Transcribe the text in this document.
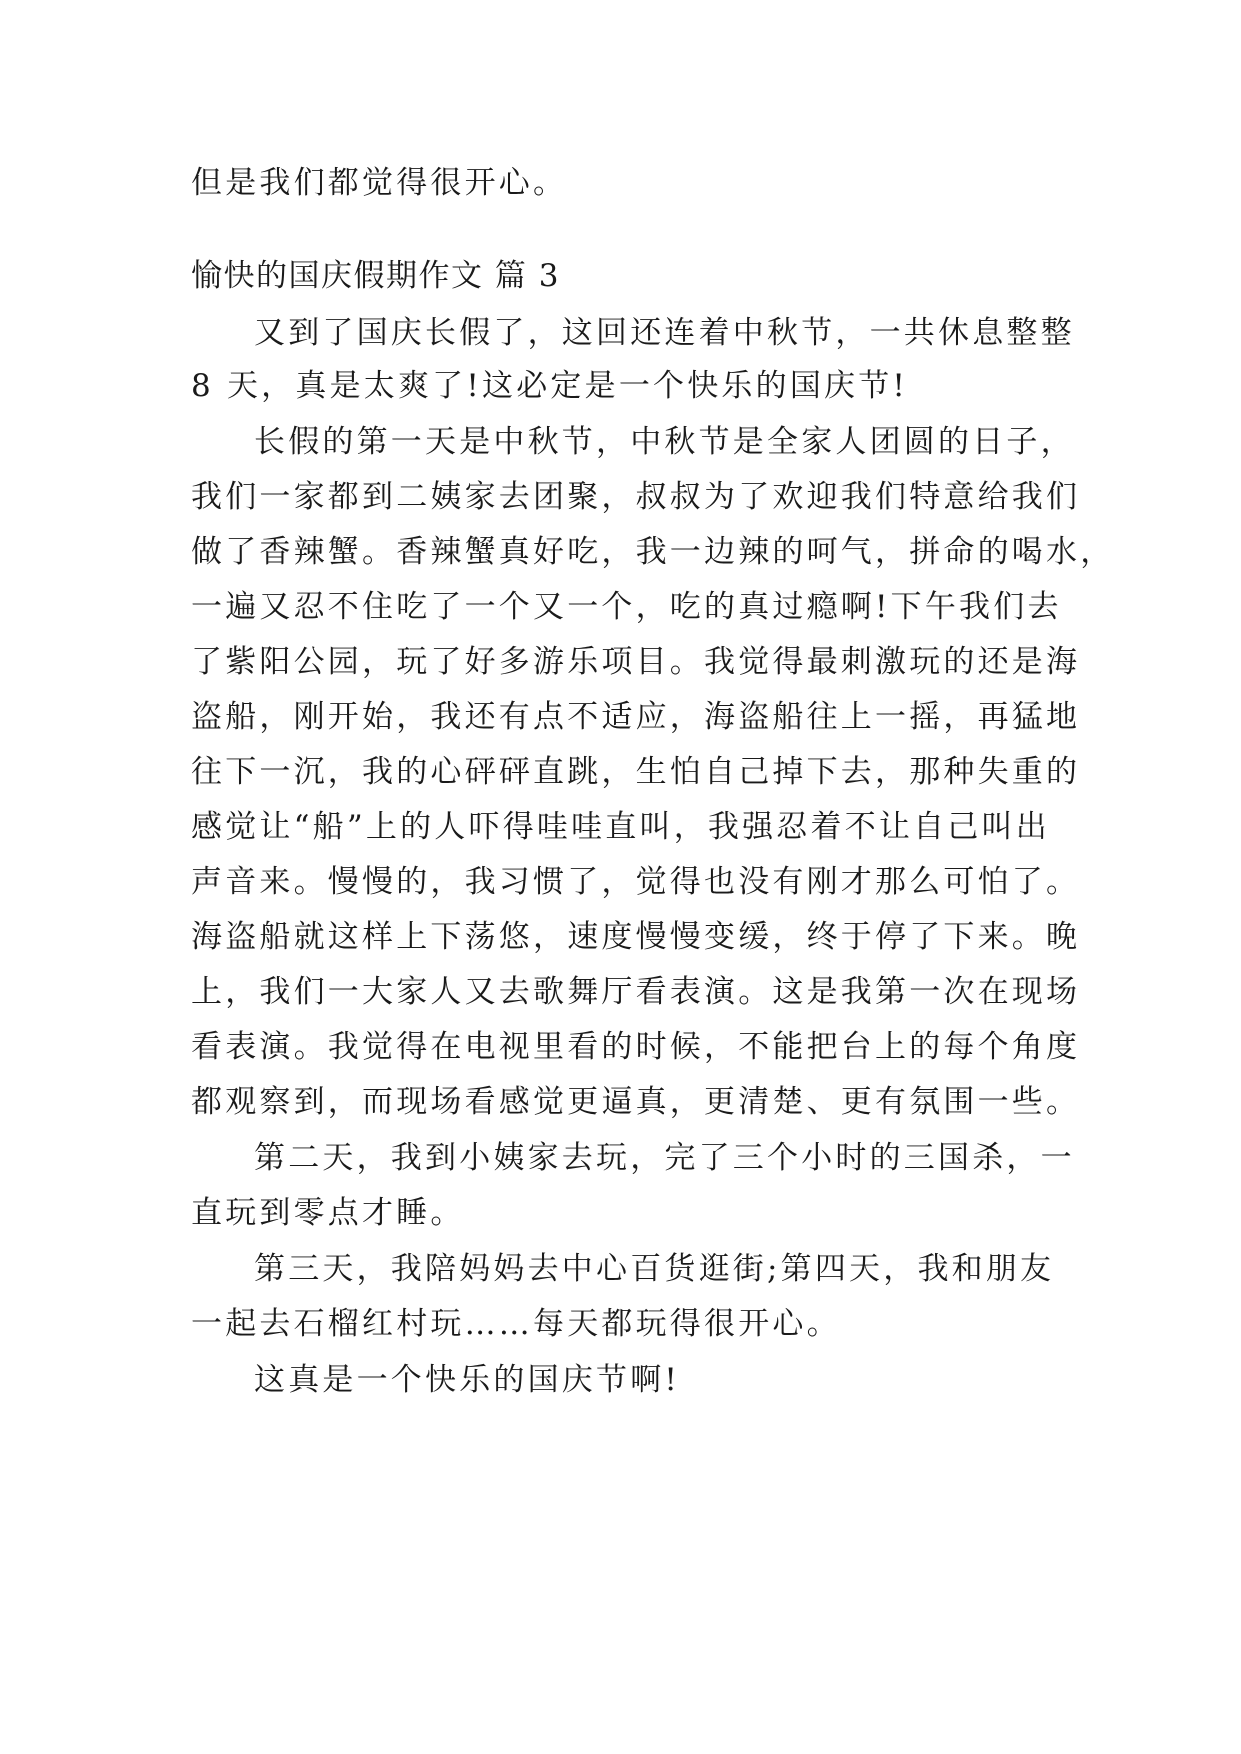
但是我们都觉得很开心。

愉快的国庆假期作文 篇 3

又到了国庆长假了，这回还连着中秋节，一共休息整整

8 天，真是太爽了!这必定是一个快乐的国庆节!

长假的第一天是中秋节，中秋节是全家人团圆的日子，

我们一家都到二姨家去团聚，叔叔为了欢迎我们特意给我们

做了香辣蟹。香辣蟹真好吃，我一边辣的呵气，拼命的喝水，

一遍又忍不住吃了一个又一个，吃的真过瘾啊!下午我们去

了紫阳公园，玩了好多游乐项目。我觉得最刺激玩的还是海

盗船，刚开始，我还有点不适应，海盗船往上一摇，再猛地

往下一沉，我的心砰砰直跳，生怕自己掉下去，那种失重的

感觉让“船”上的人吓得哇哇直叫，我强忍着不让自己叫出

声音来。慢慢的，我习惯了，觉得也没有刚才那么可怕了。

海盗船就这样上下荡悠，速度慢慢变缓，终于停了下来。晚

上，我们一大家人又去歌舞厅看表演。这是我第一次在现场

看表演。我觉得在电视里看的时候，不能把台上的每个角度

都观察到，而现场看感觉更逼真，更清楚、更有氛围一些。

第二天，我到小姨家去玩，完了三个小时的三国杀，一

直玩到零点才睡。

第三天，我陪妈妈去中心百货逛街;第四天，我和朋友

一起去石榴红村玩……每天都玩得很开心。

这真是一个快乐的国庆节啊!
